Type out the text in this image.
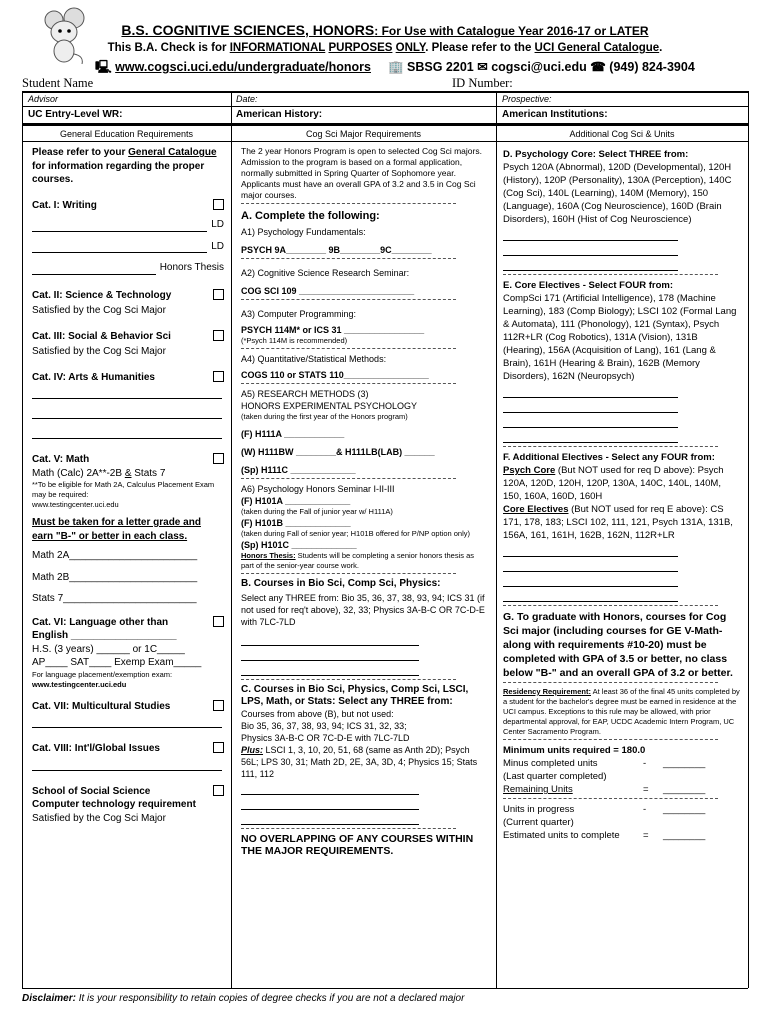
B.S. COGNITIVE SCIENCES, HONORS: For Use with Catalogue Year 2016-17 or LATER
This B.A. Check is for INFORMATIONAL PURPOSES ONLY. Please refer to the UCI General Catalogue.
🖳 www.cogsci.uci.edu/undergraduate/honors 🏢 SBSG 2201 ✉ cogsci@uci.edu ☎ (949) 824-3904
Student Name	ID Number:
Advisor	Date:	Prospective:
UC Entry-Level WR:	American History:	American Institutions:
General Education Requirements	Cog Sci Major Requirements	Additional Cog Sci & Units

Please refer to your General Catalogue for information regarding the proper courses.

Cat. I: Writing
LD
LD
Honors Thesis
Cat. II: Science & Technology

Satisfied by the Cog Sci Major

Cat. III: Social & Behavior Sci

Satisfied by the Cog Sci Major

Cat. IV: Arts & Humanities
Cat. V: Math

Math (Calc) 2A**-2B & Stats 7

**To be eligible for Math 2A, Calculus Placement Exam may be required:

www.testingcenter.uci.edu

Must be taken for a letter grade and earn "B-" or better in each class.

Math 2A_______________________

Math 2B_______________________

Stats 7________________________

Cat. VI: Language other than

English ___________________

H.S. (3 years) ______ or 1C_____

AP____ SAT____ Exemp Exam_____

For language placement/exemption exam:

www.testingcenter.uci.edu

Cat. VII: Multicultural Studies
Cat. VIII: Int'l/Global Issues
School of Social Science

Computer technology requirement

Satisfied by the Cog Sci Major

The 2 year Honors Program is open to selected Cog Sci majors. Admission to the program is based on a formal application, normally submitted in Spring Quarter of Sophomore year. Applicants must have an overall GPA of 3.2 and 3.5 in Cog Sci major courses.

A. Complete the following:

A1) Psychology Fundamentals:

PSYCH 9A________ 9B________9C________

A2) Cognitive Science Research Seminar:

COG SCI 109 _______________________

A3) Computer Programming:

PSYCH 114M* or ICS 31 ________________

(*Psych 114M is recommended)

A4) Quantitative/Statistical Methods:

COGS 110 or STATS 110_________________

A5) RESEARCH METHODS (3)

HONORS EXPERIMENTAL PSYCHOLOGY

(taken during the first year of the Honors program)

(F) H111A ____________

(W) H111BW ________& H111LB(LAB) ______

(Sp) H111C _____________

A6) Psychology Honors Seminar I-II-III

(F) H101A _____________

(taken during the Fall of junior year w/ H111A)

(F) H101B _____________

(taken during Fall of senior year; H101B offered for P/NP option only)

(Sp) H101C _____________

Honors Thesis: Students will be completing a senior honors thesis as part of the senior-year course work.

B. Courses in Bio Sci, Comp Sci, Physics:

Select any THREE from: Bio 35, 36, 37, 38, 93, 94; ICS 31 (if not used for req't above), 32, 33; Physics 3A-B-C OR 7C-D-E with 7LC-7LD

C. Courses in Bio Sci, Physics, Comp Sci, LSCI, LPS, Math, or Stats: Select any THREE from:

Courses from above (B), but not used:

Bio 35, 36, 37, 38, 93, 94; ICS 31, 32, 33;

Physics 3A-B-C OR 7C-D-E with 7LC-7LD

Plus: LSCI 1, 3, 10, 20, 51, 68 (same as Anth 2D); Psych 56L; LPS 30, 31; Math 2D, 2E, 3A, 3D, 4; Physics 15; Stats 111, 112

NO OVERLAPPING OF ANY COURSES WITHIN THE MAJOR REQUIREMENTS.

D. Psychology Core: Select THREE from:

Psych 120A (Abnormal), 120D (Developmental), 120H (History), 120P (Personality), 130A (Perception), 140C (Cog Sci), 140L (Learning), 140M (Memory), 150 (Language), 160A (Cog Neuroscience), 160D (Brain Disorders), 160H (Hist of Cog Neuroscience)

E. Core Electives - Select FOUR from:

CompSci 171 (Artificial Intelligence), 178 (Machine Learning), 183 (Comp Biology); LSCI 102 (Formal Lang & Automata), 111 (Phonology), 121 (Syntax), Psych 112R+LR (Cog Robotics), 131A (Vision), 131B (Hearing), 156A (Acquisition of Lang), 161 (Lang & Brain), 161H (Hearing & Brain), 162B (Memory Disorders), 162N (Neuropsych)

F. Additional Electives - Select any FOUR from:

Psych Core (But NOT used for req D above): Psych 120A, 120D, 120H, 120P, 130A, 140C, 140L, 140M, 150, 160A, 160D, 160H

Core Electives (But NOT used for req E above): CS 171, 178, 183; LSCI 102, 111, 121, Psych 131A, 131B, 156A, 161, 161H, 162B, 162N, 112R+LR

G. To graduate with Honors, courses for Cog Sci major (including courses for GE V-Math-along with requirements #10-20) must be completed with GPA of 3.5 or better, no class below "B-" and an overall GPA of 3.2 or better.

Residency Requirement: At least 36 of the final 45 units completed by a student for the bachelor's degree must be earned in residence at the UCI campus. Exceptions to this rule may be allowed, with prior departmental approval, for EAP, UCDC Academic Intern Program, UC Center Sacramento Program.

Minimum units required = 180.0

Minus completed units	-	________

(Last quarter completed)

Remaining Units	=	________
Units in progress	-	________

(Current quarter)

Estimated units to complete	=	________
Disclaimer: It is your responsibility to retain copies of degree checks if you are not a declared major
